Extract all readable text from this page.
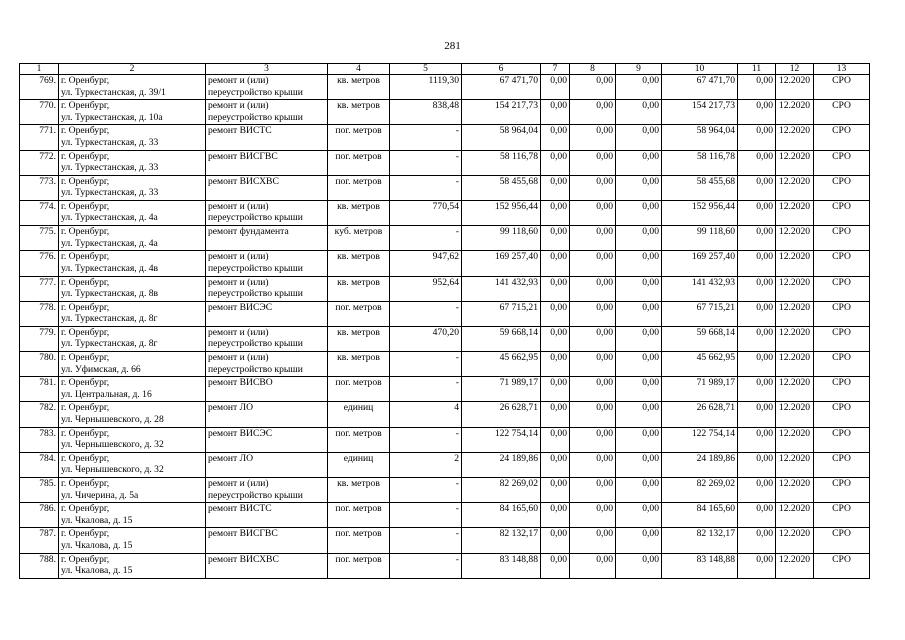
281
1	2	3	4	5	6	7	8	9	10	11	12	13
769.	г. Оренбург,
ул. Туркестанская, д. 39/1	ремонт и (или)
переустройство крыши	кв. метров	1119,30	67 471,70	0,00	0,00	0,00	67 471,70	0,00	12.2020	СРО
770.	г. Оренбург,
ул. Туркестанская, д. 10а	ремонт и (или)
переустройство крыши	кв. метров	838,48	154 217,73	0,00	0,00	0,00	154 217,73	0,00	12.2020	СРО
771.	г. Оренбург,
ул. Туркестанская, д. 33	ремонт ВИСТС	пог. метров	-	58 964,04	0,00	0,00	0,00	58 964,04	0,00	12.2020	СРО
772.	г. Оренбург,
ул. Туркестанская, д. 33	ремонт ВИСГВС	пог. метров	-	58 116,78	0,00	0,00	0,00	58 116,78	0,00	12.2020	СРО
773.	г. Оренбург,
ул. Туркестанская, д. 33	ремонт ВИСХВС	пог. метров	-	58 455,68	0,00	0,00	0,00	58 455,68	0,00	12.2020	СРО
774.	г. Оренбург,
ул. Туркестанская, д. 4а	ремонт и (или)
переустройство крыши	кв. метров	770,54	152 956,44	0,00	0,00	0,00	152 956,44	0,00	12.2020	СРО
775.	г. Оренбург,
ул. Туркестанская, д. 4а	ремонт фундамента	куб. метров	-	99 118,60	0,00	0,00	0,00	99 118,60	0,00	12.2020	СРО
776.	г. Оренбург,
ул. Туркестанская, д. 4в	ремонт и (или)
переустройство крыши	кв. метров	947,62	169 257,40	0,00	0,00	0,00	169 257,40	0,00	12.2020	СРО
777.	г. Оренбург,
ул. Туркестанская, д. 8в	ремонт и (или)
переустройство крыши	кв. метров	952,64	141 432,93	0,00	0,00	0,00	141 432,93	0,00	12.2020	СРО
778.	г. Оренбург,
ул. Туркестанская, д. 8г	ремонт ВИСЭС	пог. метров	-	67 715,21	0,00	0,00	0,00	67 715,21	0,00	12.2020	СРО
779.	г. Оренбург,
ул. Туркестанская, д. 8г	ремонт и (или)
переустройство крыши	кв. метров	470,20	59 668,14	0,00	0,00	0,00	59 668,14	0,00	12.2020	СРО
780.	г. Оренбург,
ул. Уфимская, д. 66	ремонт и (или)
переустройство крыши	кв. метров	-	45 662,95	0,00	0,00	0,00	45 662,95	0,00	12.2020	СРО
781.	г. Оренбург,
ул. Центральная, д. 16	ремонт ВИСВО	пог. метров	-	71 989,17	0,00	0,00	0,00	71 989,17	0,00	12.2020	СРО
782.	г. Оренбург,
ул. Чернышевского, д. 28	ремонт ЛО	единиц	4	26 628,71	0,00	0,00	0,00	26 628,71	0,00	12.2020	СРО
783.	г. Оренбург,
ул. Чернышевского, д. 32	ремонт ВИСЭС	пог. метров	-	122 754,14	0,00	0,00	0,00	122 754,14	0,00	12.2020	СРО
784.	г. Оренбург,
ул. Чернышевского, д. 32	ремонт ЛО	единиц	2	24 189,86	0,00	0,00	0,00	24 189,86	0,00	12.2020	СРО
785.	г. Оренбург,
ул. Чичерина, д. 5а	ремонт и (или)
переустройство крыши	кв. метров	-	82 269,02	0,00	0,00	0,00	82 269,02	0,00	12.2020	СРО
786.	г. Оренбург,
ул. Чкалова, д. 15	ремонт ВИСТС	пог. метров	-	84 165,60	0,00	0,00	0,00	84 165,60	0,00	12.2020	СРО
787.	г. Оренбург,
ул. Чкалова, д. 15	ремонт ВИСГВС	пог. метров	-	82 132,17	0,00	0,00	0,00	82 132,17	0,00	12.2020	СРО
788.	г. Оренбург,
ул. Чкалова, д. 15	ремонт ВИСХВС	пог. метров	-	83 148,88	0,00	0,00	0,00	83 148,88	0,00	12.2020	СРО
